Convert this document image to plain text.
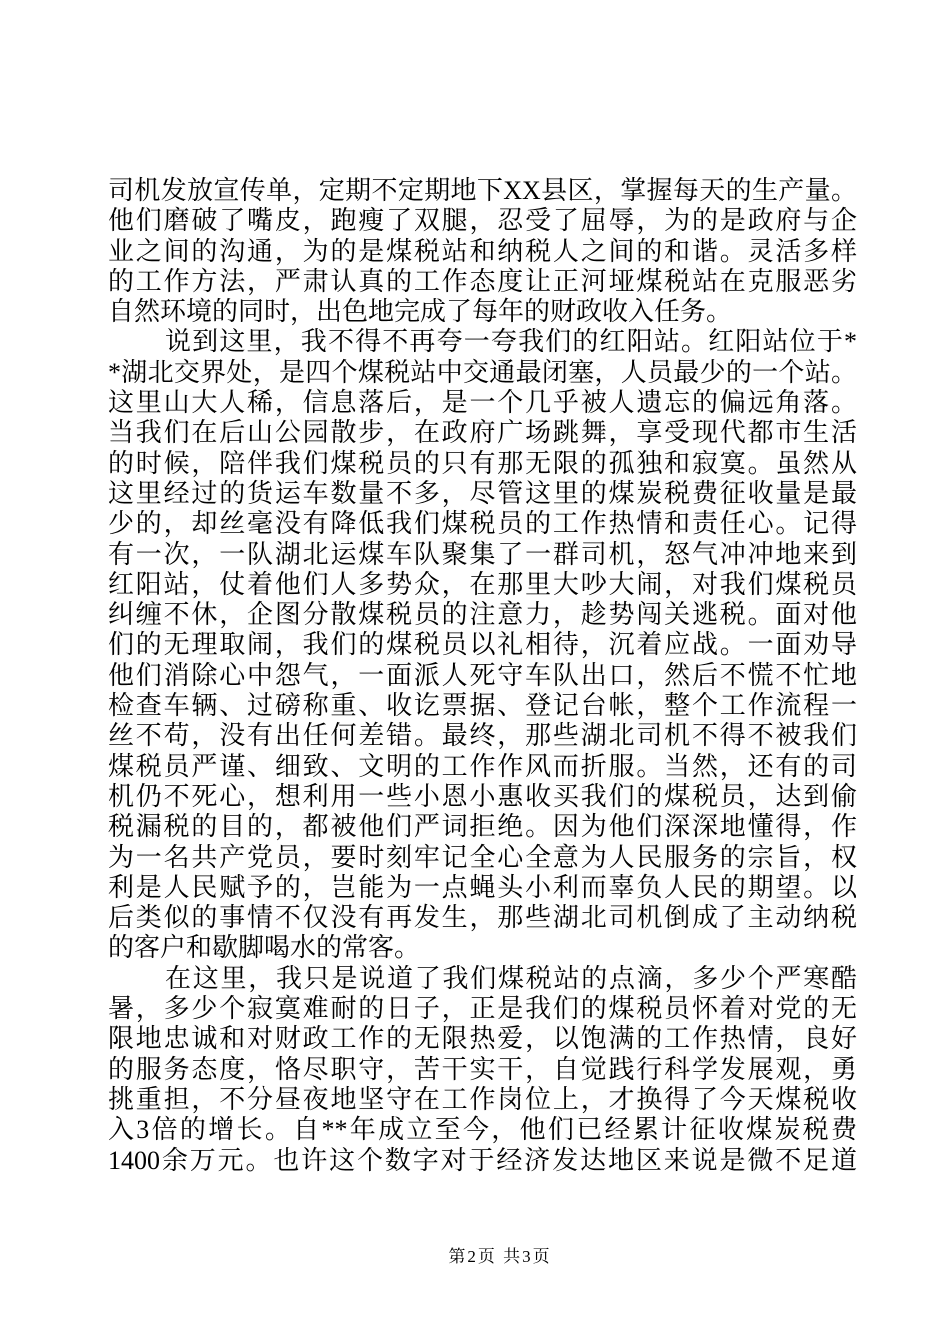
司机发放宣传单，定期不定期地下XX县区，掌握每天的生产量。
他们磨破了嘴皮，跑瘦了双腿，忍受了屈辱，为的是政府与企
业之间的沟通，为的是煤税站和纳税人之间的和谐。灵活多样
的工作方法，严肃认真的工作态度让正河垭煤税站在克服恶劣
自然环境的同时，出色地完成了每年的财政收入任务。
说到这里，我不得不再夸一夸我们的红阳站。红阳站位于*
*湖北交界处，是四个煤税站中交通最闭塞，人员最少的一个站。
这里山大人稀，信息落后，是一个几乎被人遗忘的偏远角落。
当我们在后山公园散步，在政府广场跳舞，享受现代都市生活
的时候，陪伴我们煤税员的只有那无限的孤独和寂寞。虽然从
这里经过的货运车数量不多，尽管这里的煤炭税费征收量是最
少的，却丝毫没有降低我们煤税员的工作热情和责任心。记得
有一次，一队湖北运煤车队聚集了一群司机，怒气冲冲地来到
红阳站，仗着他们人多势众，在那里大吵大闹，对我们煤税员
纠缠不休，企图分散煤税员的注意力，趁势闯关逃税。面对他
们的无理取闹，我们的煤税员以礼相待，沉着应战。一面劝导
他们消除心中怨气，一面派人死守车队出口，然后不慌不忙地
检查车辆、过磅称重、收讫票据、登记台帐，整个工作流程一
丝不苟，没有出任何差错。最终，那些湖北司机不得不被我们
煤税员严谨、细致、文明的工作作风而折服。当然，还有的司
机仍不死心，想利用一些小恩小惠收买我们的煤税员，达到偷
税漏税的目的，都被他们严词拒绝。因为他们深深地懂得，作
为一名共产党员，要时刻牢记全心全意为人民服务的宗旨，权
利是人民赋予的，岂能为一点蝇头小利而辜负人民的期望。以
后类似的事情不仅没有再发生，那些湖北司机倒成了主动纳税
的客户和歇脚喝水的常客。
在这里，我只是说道了我们煤税站的点滴，多少个严寒酷
暑，多少个寂寞难耐的日子，正是我们的煤税员怀着对党的无
限地忠诚和对财政工作的无限热爱，以饱满的工作热情，良好
的服务态度，恪尽职守，苦干实干，自觉践行科学发展观，勇
挑重担，不分昼夜地坚守在工作岗位上，才换得了今天煤税收
入3倍的增长。自**年成立至今，他们已经累计征收煤炭税费
1400余万元。也许这个数字对于经济发达地区来说是微不足道
第2页 共3页
